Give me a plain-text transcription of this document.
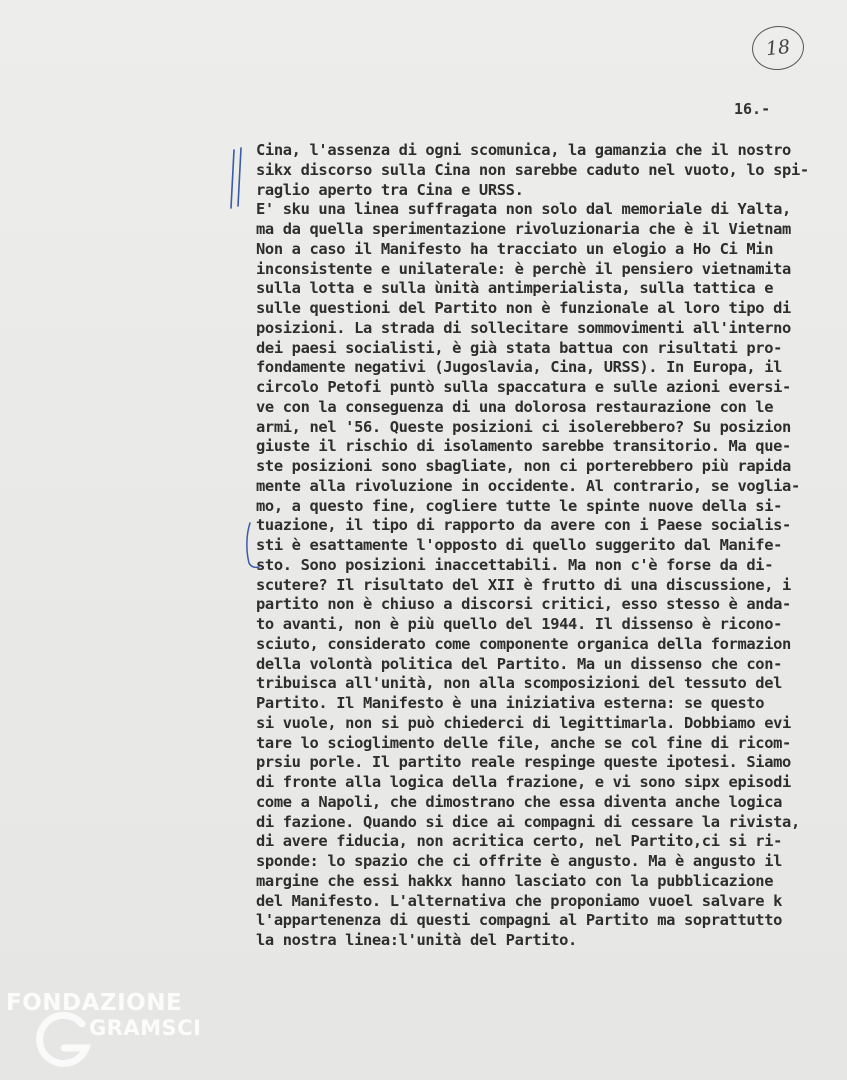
18
16.-
Cina, l'assenza di ogni scomunica, la gamanzia che il nostro
sikx discorso sulla Cina non sarebbe caduto nel vuoto, lo spi-
raglio aperto tra Cina e URSS.
E' sku una linea suffragata non solo dal memoriale di Yalta,
ma da quella sperimentazione rivoluzionaria che è il Vietnam
Non a caso il Manifesto ha tracciato un elogio a Ho Ci Min
inconsistente e unilaterale: è perchè il pensiero vietnamita
sulla lotta e sulla ùnità antimperialista, sulla tattica e
sulle questioni del Partito non è funzionale al loro tipo di
posizioni. La strada di sollecitare sommovimenti all'interno
dei paesi socialisti, è già stata battua con risultati pro-
fondamente negativi (Jugoslavia, Cina, URSS). In Europa, il
circolo Petofi puntò sulla spaccatura e sulle azioni eversi-
ve con la conseguenza di una dolorosa restaurazione con le
armi, nel '56. Queste posizioni ci isolerebbero? Su posizion
giuste il rischio di isolamento sarebbe transitorio. Ma que-
ste posizioni sono sbagliate, non ci porterebbero più rapida
mente alla rivoluzione in occidente. Al contrario, se voglia-
mo, a questo fine, cogliere tutte le spinte nuove della si-
tuazione, il tipo di rapporto da avere con i Paese socialis-
sti è esattamente l'opposto di quello suggerito dal Manife-
sto. Sono posizioni inaccettabili. Ma non c'è forse da di-
scutere? Il risultato del XII è frutto di una discussione, i
partito non è chiuso a discorsi critici, esso stesso è anda-
to avanti, non è più quello del 1944. Il dissenso è ricono-
sciuto, considerato come componente organica della formazion
della volontà politica del Partito. Ma un dissenso che con-
tribuisca all'unità, non alla scomposizioni del tessuto del
Partito. Il Manifesto è una iniziativa esterna: se questo
si vuole, non si può chiederci di legittimarla. Dobbiamo evi
tare lo scioglimento delle file, anche se col fine di ricom-
prsiu porle. Il partito reale respinge queste ipotesi. Siamo
di fronte alla logica della frazione, e vi sono sipx episodi
come a Napoli, che dimostrano che essa diventa anche logica
di fazione. Quando si dice ai compagni di cessare la rivista,
di avere fiducia, non acritica certo, nel Partito,ci si ri-
sponde: lo spazio che ci offrite è angusto. Ma è angusto il
margine che essi hakkx hanno lasciato con la pubblicazione
del Manifesto. L'alternativa che proponiamo vuoel salvare k
l'appartenenza di questi compagni al Partito ma soprattutto
la nostra linea:l'unità del Partito.
FONDAZIONE
GRAMSCI
